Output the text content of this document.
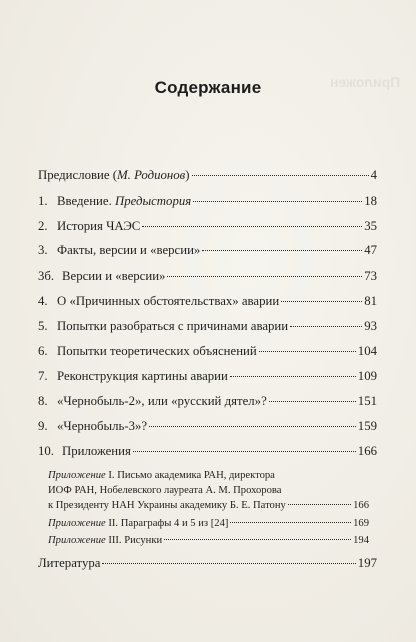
Приложен
Содержание
Предисловие (М. Родионов)	4
1. Введение. Предыстория	18
2. История ЧАЭС	35
3. Факты, версии и «версии»	47
3б. Версии и «версии»	73
4. О «Причинных обстоятельствах» аварии	81
5. Попытки разобраться с причинами аварии	93
6. Попытки теоретических объяснений	104
7. Реконструкция картины аварии	109
8. «Чернобыль-2», или «русский дятел»?	151
9. «Чернобыль-3»?	159
10. Приложения	166
Приложение I. Письмо академика РАН, директора
ИОФ РАН, Нобелевского лауреата А. М. Прохорова
к Президенту НАН Украины академику Б. Е. Патону	166
Приложение II. Параграфы 4 и 5 из [24]	169
Приложение III. Рисунки	194
Литература	197
